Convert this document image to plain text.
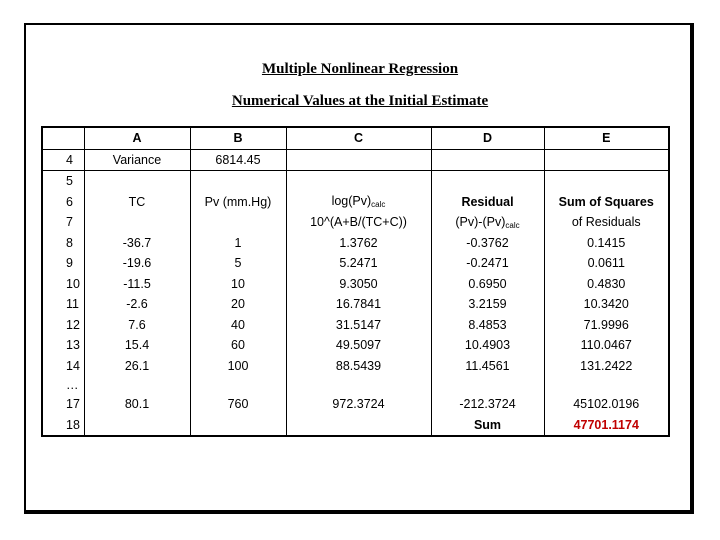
Multiple Nonlinear Regression
Numerical Values at the Initial Estimate
	A	B	C	D	E
4	Variance	6814.45			
5					
6	TC	Pv (mm.Hg)	$\log(Pv)_{calc}$	Residual	Sum of Squares
7			10^(A+B/(TC+C))	$(Pv)-(Pv)_{calc}$	of Residuals
8	-36.7	1	1.3762	-0.3762	0.1415
9	-19.6	5	5.2471	-0.2471	0.0611
10	-11.5	10	9.3050	0.6950	0.4830
11	-2.6	20	16.7841	3.2159	10.3420
12	7.6	40	31.5147	8.4853	71.9996
13	15.4	60	49.5097	10.4903	110.0467
14	26.1	100	88.5439	11.4561	131.2422
…					
17	80.1	760	972.3724	-212.3724	45102.0196
18				Sum	47701.1174
